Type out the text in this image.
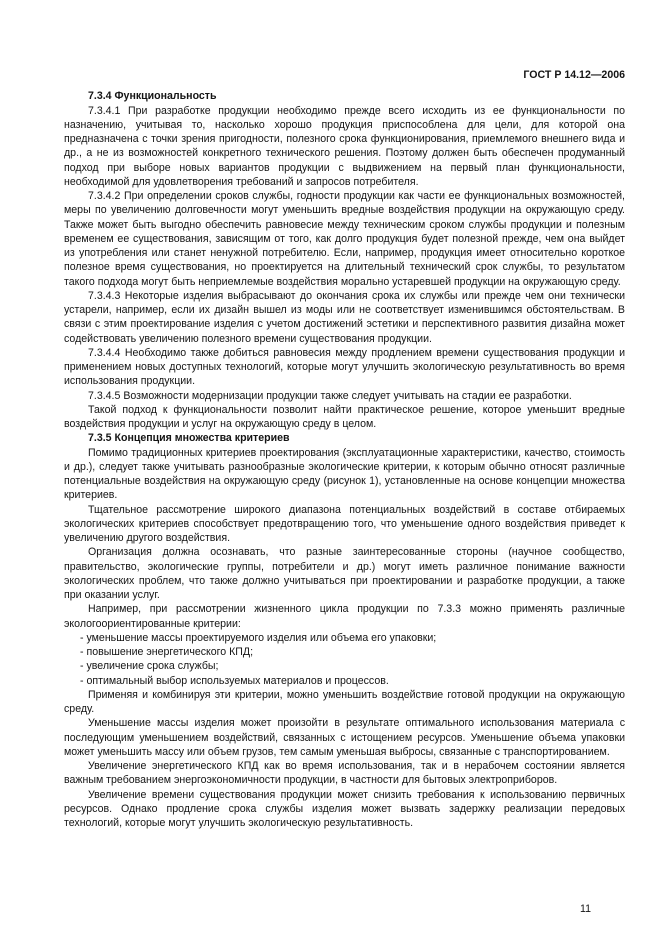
ГОСТ Р 14.12—2006

7.3.4 Функциональность

7.3.4.1 При разработке продукции необходимо прежде всего исходить из ее функциональности по назначению, учитывая то, насколько хорошо продукция приспособлена для цели, для которой она предназначена с точки зрения пригодности, полезного срока функционирования, приемлемого внешнего вида и др., а не из возможностей конкретного технического решения. Поэтому должен быть обеспечен продуманный подход при выборе новых вариантов продукции с выдвижением на первый план функциональности, необходимой для удовлетворения требований и запросов потребителя.

7.3.4.2 При определении сроков службы, годности продукции как части ее функциональных возможностей, меры по увеличению долговечности могут уменьшить вредные воздействия продукции на окружающую среду. Также может быть выгодно обеспечить равновесие между техническим сроком службы продукции и полезным временем ее существования, зависящим от того, как долго продукция будет полезной прежде, чем она выйдет из употребления или станет ненужной потребителю. Если, например, продукция имеет относительно короткое полезное время существования, но проектируется на длительный технический срок службы, то результатом такого подхода могут быть неприемлемые воздействия морально устаревшей продукции на окружающую среду.

7.3.4.3 Некоторые изделия выбрасывают до окончания срока их службы или прежде чем они технически устарели, например, если их дизайн вышел из моды или не соответствует изменившимся обстоятельствам. В связи с этим проектирование изделия с учетом достижений эстетики и перспективного развития дизайна может содействовать увеличению полезного времени существования продукции.

7.3.4.4 Необходимо также добиться равновесия между продлением времени существования продукции и применением новых доступных технологий, которые могут улучшить экологическую результативность во время использования продукции.

7.3.4.5 Возможности модернизации продукции также следует учитывать на стадии ее разработки.

Такой подход к функциональности позволит найти практическое решение, которое уменьшит вредные воздействия продукции и услуг на окружающую среду в целом.

7.3.5 Концепция множества критериев

Помимо традиционных критериев проектирования (эксплуатационные характеристики, качество, стоимость и др.), следует также учитывать разнообразные экологические критерии, к которым обычно относят различные потенциальные воздействия на окружающую среду (рисунок 1), установленные на основе концепции множества критериев.

Тщательное рассмотрение широкого диапазона потенциальных воздействий в составе отбираемых экологических критериев способствует предотвращению того, что уменьшение одного воздействия приведет к увеличению другого воздействия.

Организация должна осознавать, что разные заинтересованные стороны (научное сообщество, правительство, экологические группы, потребители и др.) могут иметь различное понимание важности экологических проблем, что также должно учитываться при проектировании и разработке продукции, а также при оказании услуг.

Например, при рассмотрении жизненного цикла продукции по 7.3.3 можно применять различные экологоориентированные критерии:

- уменьшение массы проектируемого изделия или объема его упаковки;

- повышение энергетического КПД;

- увеличение срока службы;

- оптимальный выбор используемых материалов и процессов.

Применяя и комбинируя эти критерии, можно уменьшить воздействие готовой продукции на окружающую среду.

Уменьшение массы изделия может произойти в результате оптимального использования материала с последующим уменьшением воздействий, связанных с истощением ресурсов. Уменьшение объема упаковки может уменьшить массу или объем грузов, тем самым уменьшая выбросы, связанные с транспортированием.

Увеличение энергетического КПД как во время использования, так и в нерабочем состоянии является важным требованием энергоэкономичности продукции, в частности для бытовых электроприборов.

Увеличение времени существования продукции может снизить требования к использованию первичных ресурсов. Однако продление срока службы изделия может вызвать задержку реализации передовых технологий, которые могут улучшить экологическую результативность.

11
